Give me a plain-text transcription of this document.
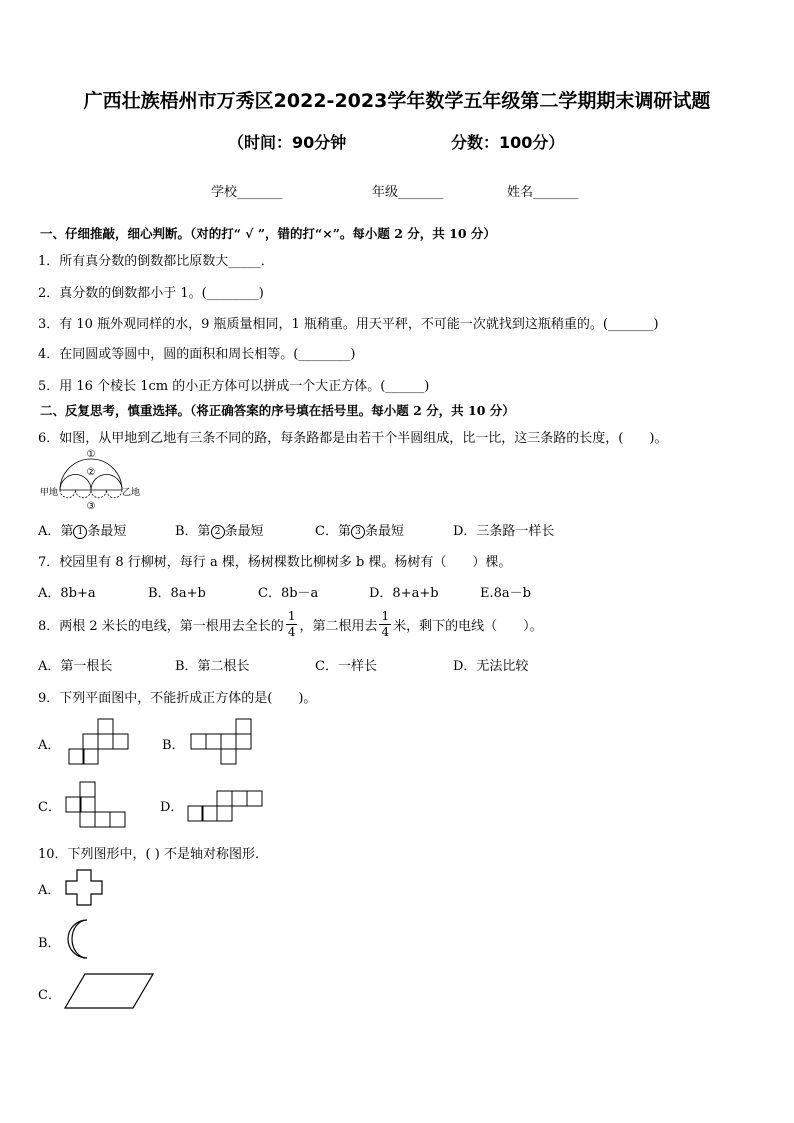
广西壮族梧州市万秀区2022-2023学年数学五年级第二学期期末调研试题
（时间：90分钟	分数：100分）
学校_______	年级_______	姓名_______
一、仔细推敲，细心判断。（对的打“ √ ”，错的打“×”。每小题 2 分，共 10 分）
1．所有真分数的倒数都比原数大_____．
2．真分数的倒数都小于 1。(________)
3．有 10 瓶外观同样的水，9 瓶质量相同，1 瓶稍重。用天平秤，不可能一次就找到这瓶稍重的。(_______)
4．在同圆或等圆中，圆的面积和周长相等。(________)
5．用 16 个棱长 1cm 的小正方体可以拼成一个大正方体。(______)
二、反复思考，慎重选择。（将正确答案的序号填在括号里。每小题 2 分，共 10 分）
6．如图，从甲地到乙地有三条不同的路，每条路都是由若干个半圆组成，比一比，这三条路的长度，(　　)。
甲地	乙地
①
②
③
A．第 1 条最短	B．第 2 条最短	C．第 3 条最短	D．三条路一样长
7．校园里有 8 行柳树，每行 a 棵，杨树棵数比柳树多 b 棵。杨树有（　　）棵。
A．8b+a	B．8a+b	C．8b－a	D．8+a+b	E.8a－b
8．两根 2 米长的电线，第一根用去全长的 $\frac{1}{4}$ ，第二根用去 $\frac{1}{4}$ 米，剩下的电线（　　）。
A．第一根长	B．第二根长	C．一样长	D．无法比较
9．下列平面图中，不能折成正方体的是(　　)。
A．	B．
C．	D．
10．下列图形中，( ) 不是轴对称图形．
A．
B．
C．
